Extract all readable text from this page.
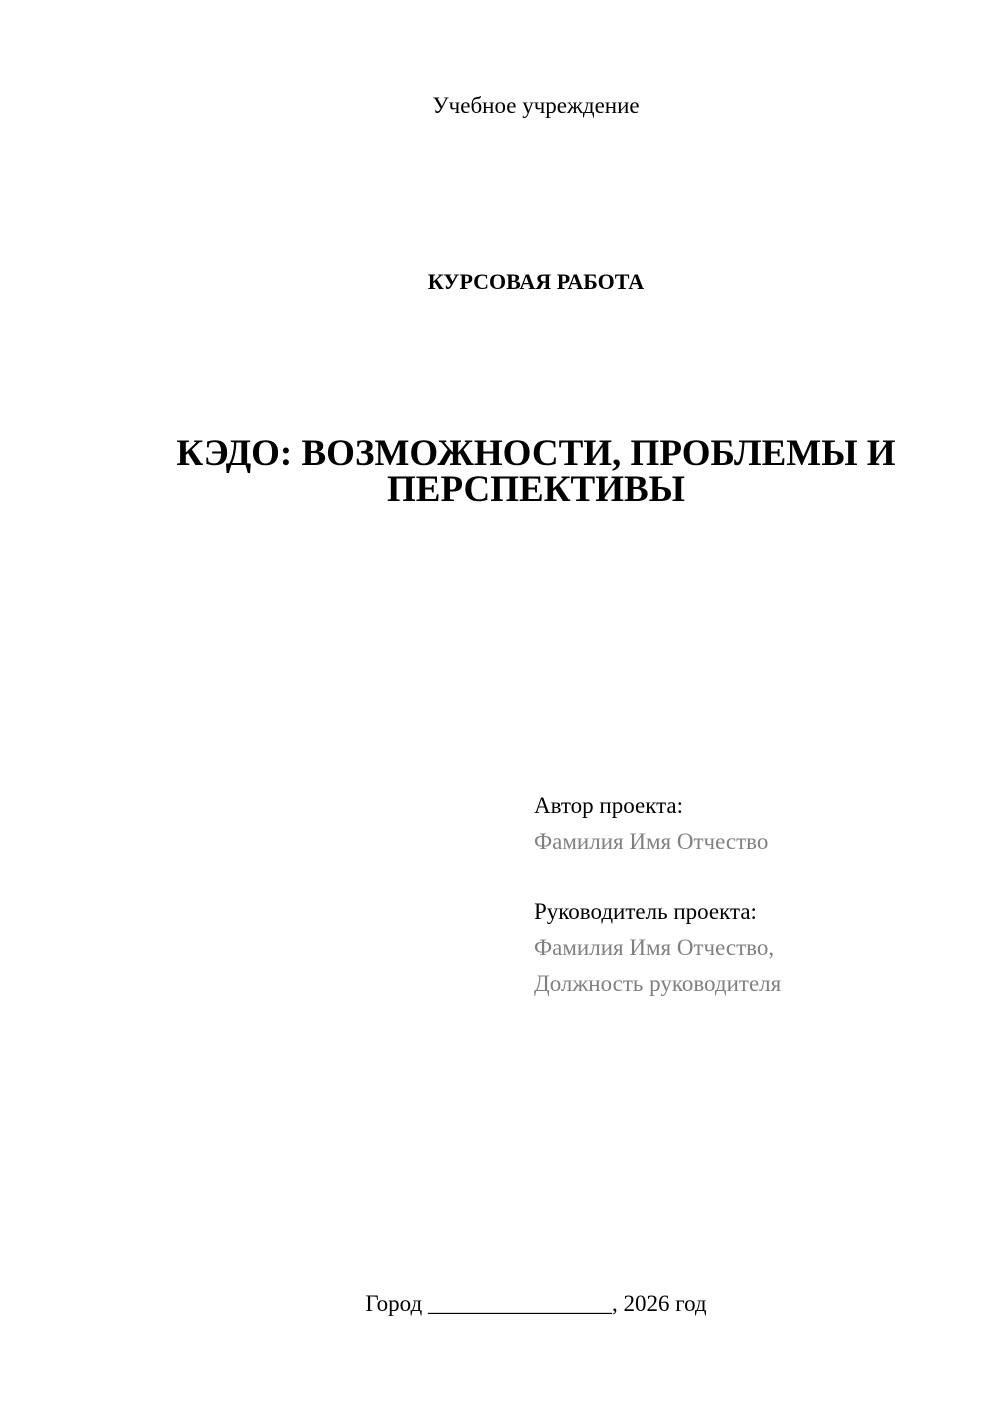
Учебное учреждение
КУРСОВАЯ РАБОТА
КЭДО: ВОЗМОЖНОСТИ, ПРОБЛЕМЫ И
ПЕРСПЕКТИВЫ
Автор проекта:
Фамилия Имя Отчество
Руководитель проекта:
Фамилия Имя Отчество,
Должность руководителя
Город ________________, 2026 год
